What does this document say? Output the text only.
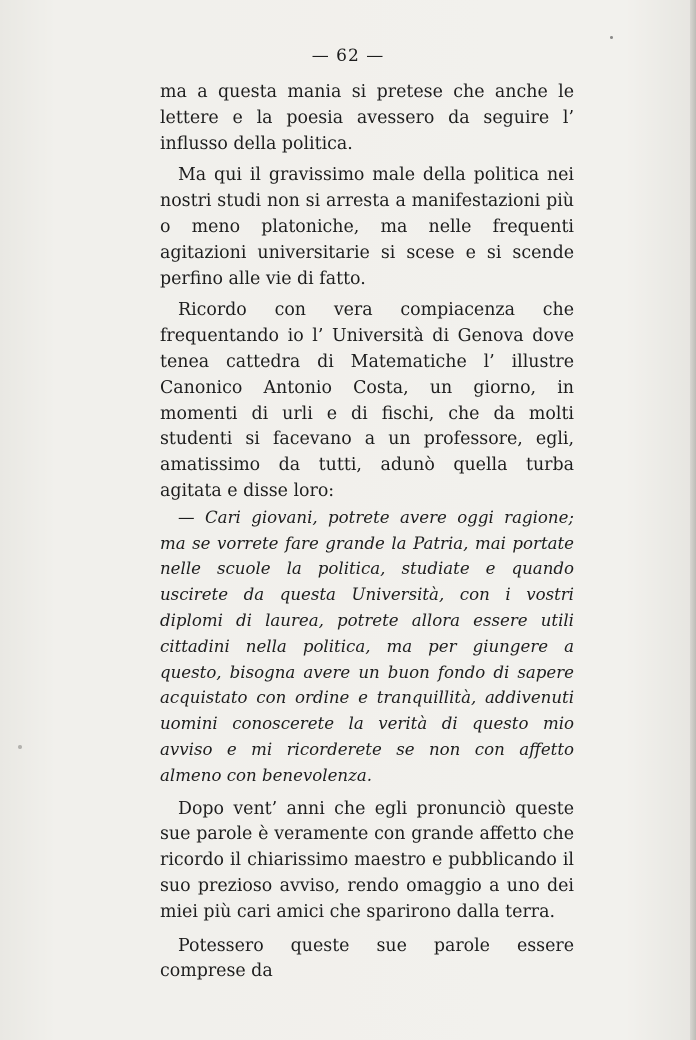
— 62 —

ma a questa mania si pretese che anche le lettere e la poesia avessero da seguire l’ influsso della politica.

Ma qui il gravissimo male della politica nei nostri studi non si arresta a manifestazioni più o meno platoniche, ma nelle frequenti agitazioni universitarie si scese e si scende perfino alle vie di fatto.

Ricordo con vera compiacenza che frequentando io l’ Università di Genova dove tenea cattedra di Matematiche l’ illustre Canonico Antonio Costa, un giorno, in momenti di urli e di fischi, che da molti studenti si facevano a un professore, egli, amatissimo da tutti, adunò quella turba agitata e disse loro:

— Cari giovani, potrete avere oggi ragione; ma se vorrete fare grande la Patria, mai portate nelle scuole la politica, studiate e quando uscirete da questa Università, con i vostri diplomi di laurea, potrete allora essere utili cittadini nella politica, ma per giungere a questo, bisogna avere un buon fondo di sapere acquistato con ordine e tranquillità, addivenuti uomini conoscerete la verità di questo mio avviso e mi ricorderete se non con affetto almeno con benevolenza.

Dopo vent’ anni che egli pronunciò queste sue parole è veramente con grande affetto che ricordo il chiarissimo maestro e pubblicando il suo prezioso avviso, rendo omaggio a uno dei miei più cari amici che sparirono dalla terra.

Potessero queste sue parole essere comprese da
